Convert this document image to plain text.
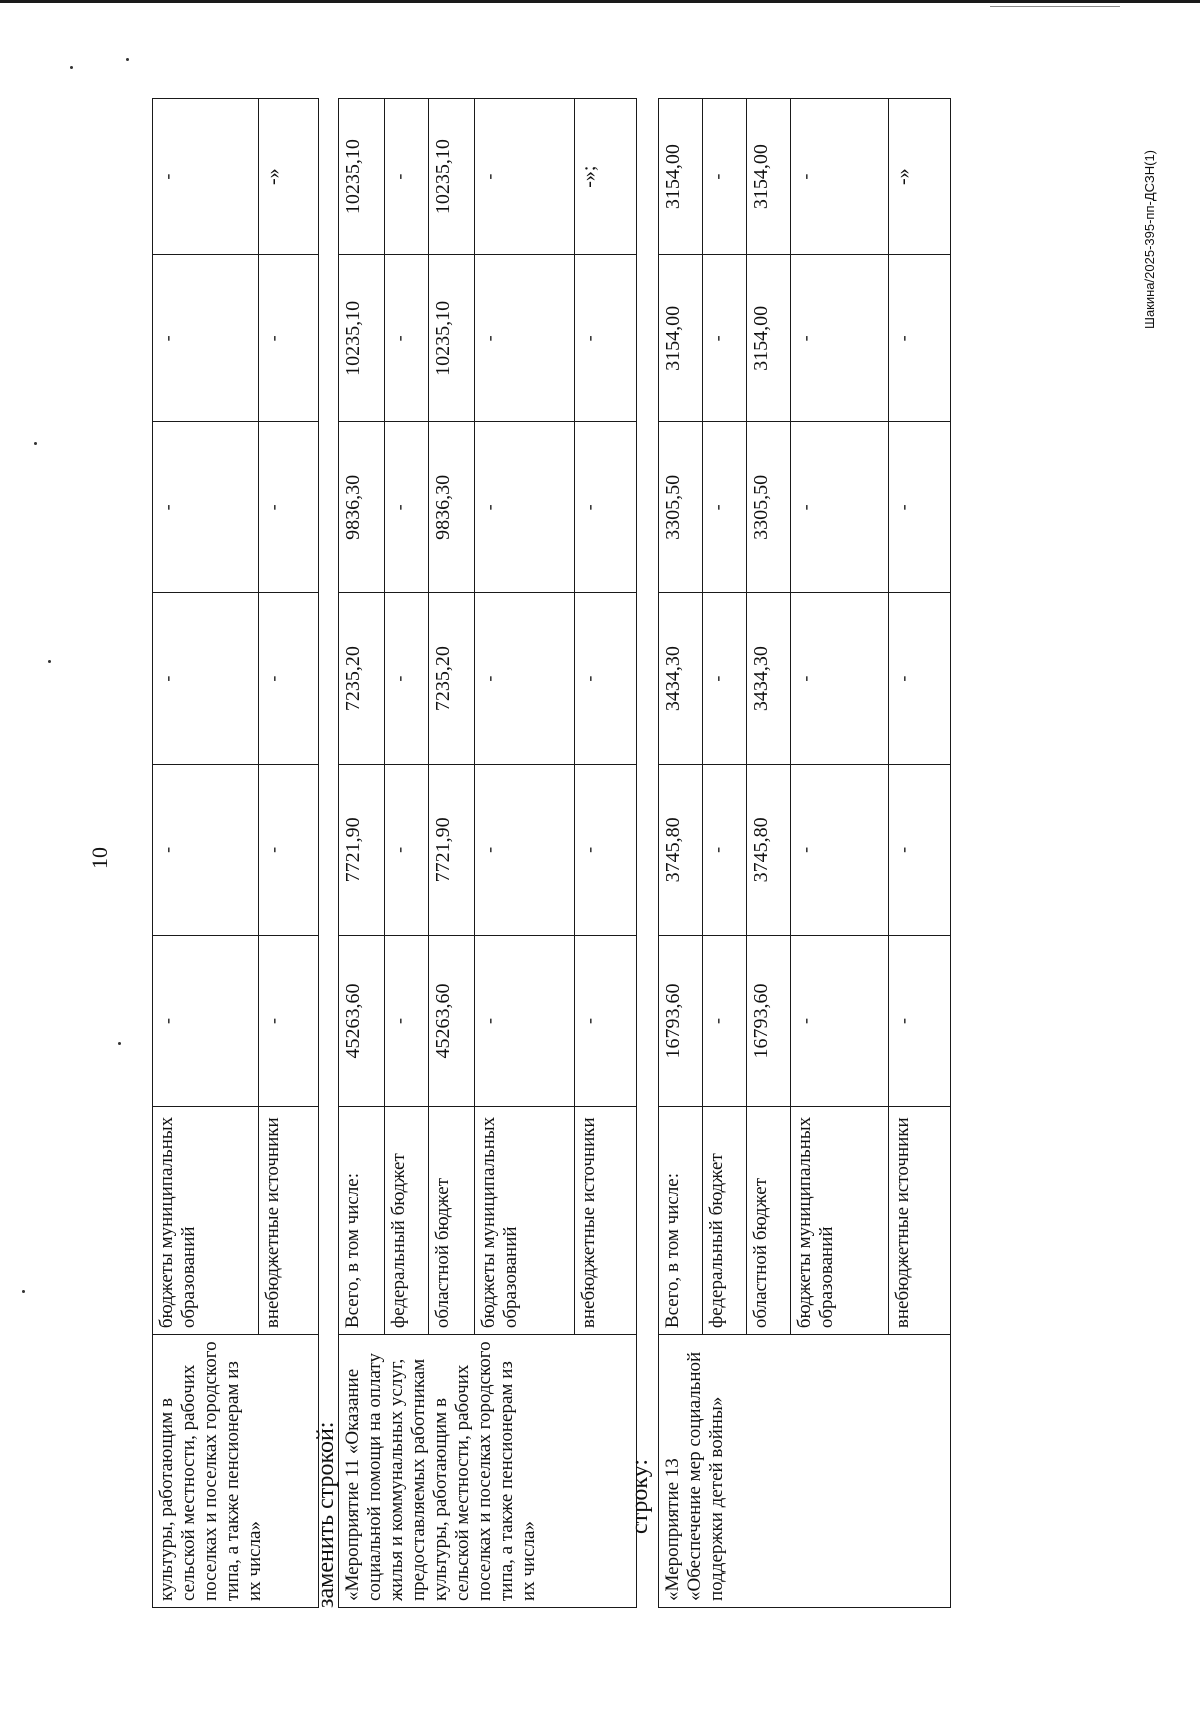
10
Шакина/2025-395-пп-ДСЗН(1)
культуры, работающим в сельской местности, рабочих поселках и поселках городского типа, а также пенсионерам из их числа»	бюджеты муниципальных образований	-	-	-	-	-	-
	внебюджетные источники	-	-	-	-	-	-»
заменить строкой: «Мероприятие 11 «Оказание социальной помощи на оплату жилья и коммунальных услуг, предоставляемых работникам культуры, работающим в сельской местности, рабочих поселках и поселках городского типа, а также пенсионерам из их числа»	Всего, в том числе:	45263,60	7721,90	7235,20	9836,30	10235,10	10235,10
	федеральный бюджет	-	-	-	-	-	-
	областной бюджет	45263,60	7721,90	7235,20	9836,30	10235,10	10235,10
	бюджеты муниципальных образований	-	-	-	-	-	-
	внебюджетные источники	-	-	-	-	-	-»;
строку: «Мероприятие 13 «Обеспечение мер социальной поддержки детей войны»	Всего, в том числе:	16793,60	3745,80	3434,30	3305,50	3154,00	3154,00
	федеральный бюджет	-	-	-	-	-	-
	областной бюджет	16793,60	3745,80	3434,30	3305,50	3154,00	3154,00
	бюджеты муниципальных образований	-	-	-	-	-	-
	внебюджетные источники	-	-	-	-	-	-»
